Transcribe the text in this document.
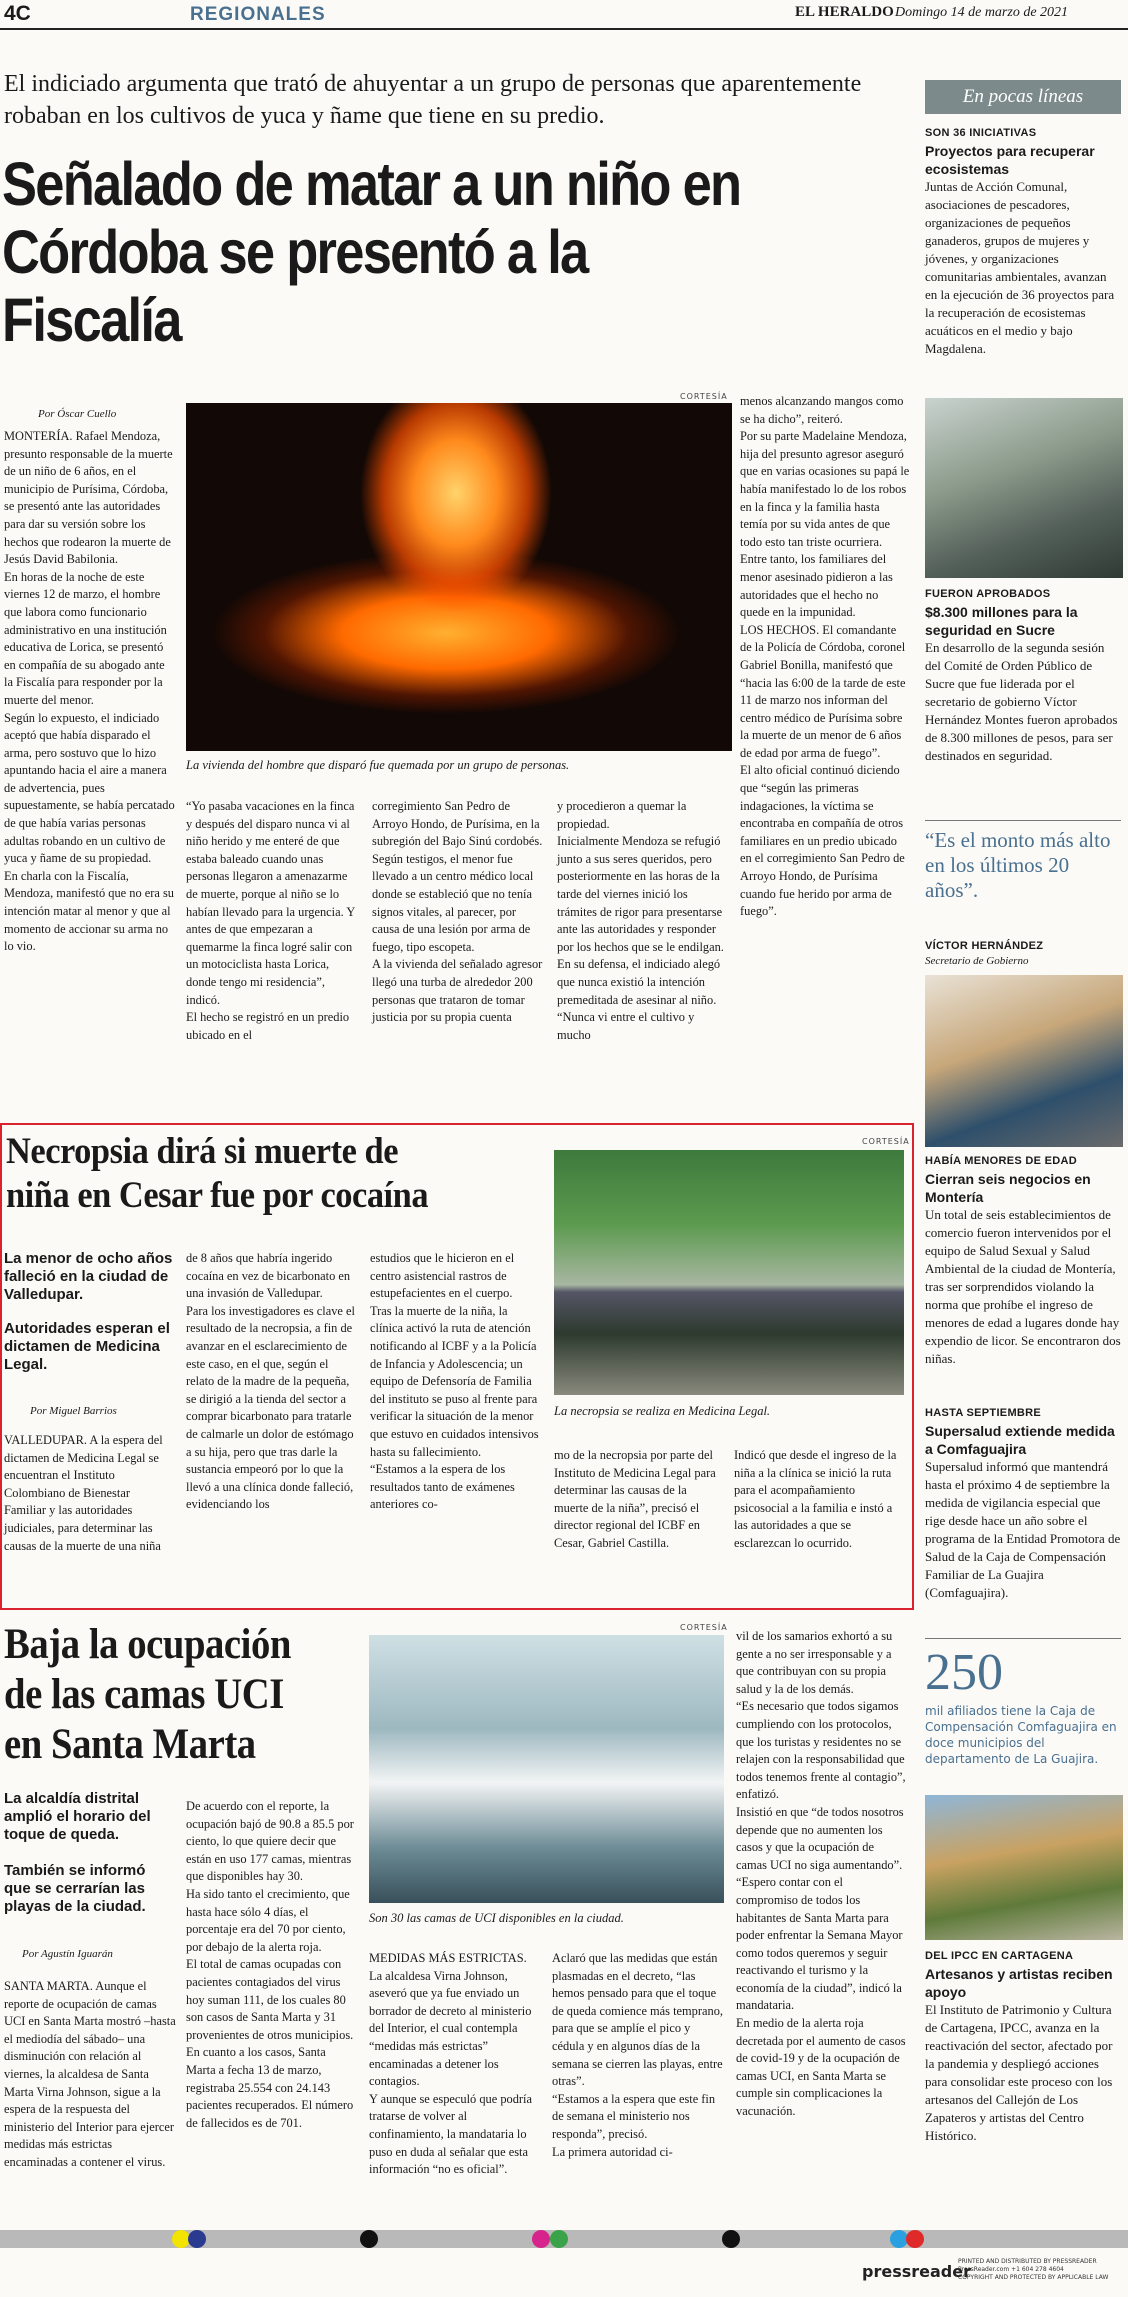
4C	REGIONALES	EL HERALDO Domingo 14 de marzo de 2021
El indiciado argumenta que trató de ahuyentar a un grupo de personas que aparentemente robaban en los cultivos de yuca y ñame que tiene en su predio.
Señalado de matar a un niño en
Córdoba se presentó a la Fiscalía
Por Óscar Cuello
CORTESÍA
La vivienda del hombre que disparó fue quemada por un grupo de personas.
MONTERÍA. Rafael Mendoza, presunto responsable de la muerte de un niño de 6 años, en el municipio de Purísima, Córdoba, se presentó ante las autoridades para dar su versión sobre los hechos que rodearon la muerte de Jesús David Babilonia.
En horas de la noche de este viernes 12 de marzo, el hombre que labora como funcionario administrativo en una institución educativa de Lorica, se presentó en compañía de su abogado ante la Fiscalía para responder por la muerte del menor.
Según lo expuesto, el indiciado aceptó que había disparado el arma, pero sostuvo que lo hizo apuntando hacia el aire a manera de advertencia, pues supuestamente, se había percatado de que había varias personas adultas robando en un cultivo de yuca y ñame de su propiedad.
En charla con la Fiscalía, Mendoza, manifestó que no era su intención matar al menor y que al momento de accionar su arma no lo vio.
“Yo pasaba vacaciones en la finca y después del disparo nunca vi al niño herido y me enteré de que estaba baleado cuando unas personas llegaron a amenazarme de muerte, porque al niño se lo habían llevado para la urgencia. Y antes de que empezaran a quemarme la finca logré salir con un motociclista hasta Lorica, donde tengo mi residencia”, indicó.
El hecho se registró en un predio ubicado en el
corregimiento San Pedro de Arroyo Hondo, de Purísima, en la subregión del Bajo Sinú cordobés.
Según testigos, el menor fue llevado a un centro médico local donde se estableció que no tenía signos vitales, al parecer, por causa de una lesión por arma de fuego, tipo escopeta.
A la vivienda del señalado agresor llegó una turba de alrededor 200 personas que trataron de tomar justicia por su propia cuenta
y procedieron a quemar la propiedad.
Inicialmente Mendoza se refugió junto a sus seres queridos, pero posteriormente en las horas de la tarde del viernes inició los trámites de rigor para presentarse ante las autoridades y responder por los hechos que se le endilgan.
En su defensa, el indiciado alegó que nunca existió la intención premeditada de asesinar al niño. “Nunca vi entre el cultivo y mucho
menos alcanzando mangos como se ha dicho”, reiteró.
Por su parte Madelaine Mendoza, hija del presunto agresor aseguró que en varias ocasiones su papá le había manifestado lo de los robos en la finca y la familia hasta temía por su vida antes de que todo esto tan triste ocurriera.
Entre tanto, los familiares del menor asesinado pidieron a las autoridades que el hecho no quede en la impunidad.
LOS HECHOS. El comandante de la Policía de Córdoba, coronel Gabriel Bonilla, manifestó que “hacia las 6:00 de la tarde de este 11 de marzo nos informan del centro médico de Purísima sobre la muerte de un menor de 6 años de edad por arma de fuego”.
El alto oficial continuó diciendo que “según las primeras indagaciones, la víctima se encontraba en compañía de otros familiares en un predio ubicado en el corregimiento San Pedro de Arroyo Hondo, de Purísima cuando fue herido por arma de fuego”.
En pocas líneas
SON 36 INICIATIVAS
Proyectos para recuperar ecosistemas
Juntas de Acción Comunal, asociaciones de pescadores, organizaciones de pequeños ganaderos, grupos de mujeres y jóvenes, y organizaciones comunitarias ambientales, avanzan en la ejecución de 36 proyectos para la recuperación de ecosistemas acuáticos en el medio y bajo Magdalena.
FUERON APROBADOS
$8.300 millones para la seguridad en Sucre
En desarrollo de la segunda sesión del Comité de Orden Público de Sucre que fue liderada por el secretario de gobierno Víctor Hernández Montes fueron aprobados de 8.300 millones de pesos, para ser destinados en seguridad.
“Es el monto más alto en los últimos 20 años”.
VÍCTOR HERNÁNDEZ
Secretario de Gobierno
HABÍA MENORES DE EDAD
Cierran seis negocios en Montería
Un total de seis establecimientos de comercio fueron intervenidos por el equipo de Salud Sexual y Salud Ambiental de la ciudad de Montería, tras ser sorprendidos violando la norma que prohíbe el ingreso de menores de edad a lugares donde hay expendio de licor. Se encontraron dos niñas.
HASTA SEPTIEMBRE
Supersalud extiende medida a Comfaguajira
Supersalud informó que mantendrá hasta el próximo 4 de septiembre la medida de vigilancia especial que rige desde hace un año sobre el programa de la Entidad Promotora de Salud de la Caja de Compensación Familiar de La Guajira (Comfaguajira).
250
mil afiliados tiene la Caja de Compensación Comfaguajira en doce municipios del departamento de La Guajira.
DEL IPCC EN CARTAGENA
Artesanos y artistas reciben apoyo
El Instituto de Patrimonio y Cultura de Cartagena, IPCC, avanza en la reactivación del sector, afectado por la pandemia y despliegó acciones para consolidar este proceso con los artesanos del Callejón de Los Zapateros y artistas del Centro Histórico.
Necropsia dirá si muerte de
niña en Cesar fue por cocaína
CORTESÍA
La necropsia se realiza en Medicina Legal.
La menor de ocho años falleció en la ciudad de Valledupar.
Autoridades esperan el dictamen de Medicina Legal.
Por Miguel Barrios
VALLEDUPAR. A la espera del dictamen de Medicina Legal se encuentran el Instituto Colombiano de Bienestar Familiar y las autoridades judiciales, para determinar las causas de la muerte de una niña
de 8 años que habría ingerido cocaína en vez de bicarbonato en una invasión de Valledupar.
Para los investigadores es clave el resultado de la necropsia, a fin de avanzar en el esclarecimiento de este caso, en el que, según el relato de la madre de la pequeña, se dirigió a la tienda del sector a comprar bicarbonato para tratarle de calmarle un dolor de estómago a su hija, pero que tras darle la sustancia empeoró por lo que la llevó a una clínica donde falleció, evidenciando los
estudios que le hicieron en el centro asistencial rastros de estupefacientes en el cuerpo.
Tras la muerte de la niña, la clínica activó la ruta de atención notificando al ICBF y a la Policía de Infancia y Adolescencia; un equipo de Defensoría de Familia del instituto se puso al frente para verificar la situación de la menor que estuvo en cuidados intensivos hasta su fallecimiento.
“Estamos a la espera de los resultados tanto de exámenes anteriores co-
mo de la necropsia por parte del Instituto de Medicina Legal para determinar las causas de la muerte de la niña”, precisó el director regional del ICBF en Cesar, Gabriel Castilla.
Indicó que desde el ingreso de la niña a la clínica se inició la ruta para el acompañamiento psicosocial a la familia e instó a las autoridades a que se esclarezcan lo ocurrido.
Baja la ocupación
de las camas UCI
en Santa Marta
CORTESÍA
Son 30 las camas de UCI disponibles en la ciudad.
La alcaldía distrital amplió el horario del toque de queda.
También se informó que se cerrarían las playas de la ciudad.
Por Agustín Iguarán
SANTA MARTA. Aunque el reporte de ocupación de camas UCI en Santa Marta mostró –hasta el mediodía del sábado– una disminución con relación al viernes, la alcaldesa de Santa Marta Virna Johnson, sigue a la espera de la respuesta del ministerio del Interior para ejercer medidas más estrictas encaminadas a contener el virus.
De acuerdo con el reporte, la ocupación bajó de 90.8 a 85.5 por ciento, lo que quiere decir que están en uso 177 camas, mientras que disponibles hay 30.
Ha sido tanto el crecimiento, que hasta hace sólo 4 días, el porcentaje era del 70 por ciento, por debajo de la alerta roja.
El total de camas ocupadas con pacientes contagiados del virus hoy suman 111, de los cuales 80 son casos de Santa Marta y 31 provenientes de otros municipios.
En cuanto a los casos, Santa Marta a fecha 13 de marzo, registraba 25.554 con 24.143 pacientes recuperados. El número de fallecidos es de 701.
MEDIDAS MÁS ESTRICTAS. La alcaldesa Virna Johnson, aseveró que ya fue enviado un borrador de decreto al ministerio del Interior, el cual contempla “medidas más estrictas” encaminadas a detener los contagios.
Y aunque se especuló que podría tratarse de volver al confinamiento, la mandataria lo puso en duda al señalar que esta información “no es oficial”.
Aclaró que las medidas que están plasmadas en el decreto, “las hemos pensado para que el toque de queda comience más temprano, para que se amplíe el pico y cédula y en algunos días de la semana se cierren las playas, entre otras”.
“Estamos a la espera que este fin de semana el ministerio nos responda”, precisó.
La primera autoridad ci-
vil de los samarios exhortó a su gente a no ser irresponsable y a que contribuyan con su propia salud y la de los demás.
“Es necesario que todos sigamos cumpliendo con los protocolos, que los turistas y residentes no se relajen con la responsabilidad que todos tenemos frente al contagio”, enfatizó.
Insistió en que “de todos nosotros depende que no aumenten los casos y que la ocupación de camas UCI no siga aumentando”.
“Espero contar con el compromiso de todos los habitantes de Santa Marta para poder enfrentar la Semana Mayor como todos queremos y seguir reactivando el turismo y la economía de la ciudad”, indicó la mandataria.
En medio de la alerta roja decretada por el aumento de casos de covid-19 y de la ocupación de camas UCI, en Santa Marta se cumple sin complicaciones la vacunación.
pressreader
PRINTED AND DISTRIBUTED BY PRESSREADER
PressReader.com +1 604 278 4604
COPYRIGHT AND PROTECTED BY APPLICABLE LAW
